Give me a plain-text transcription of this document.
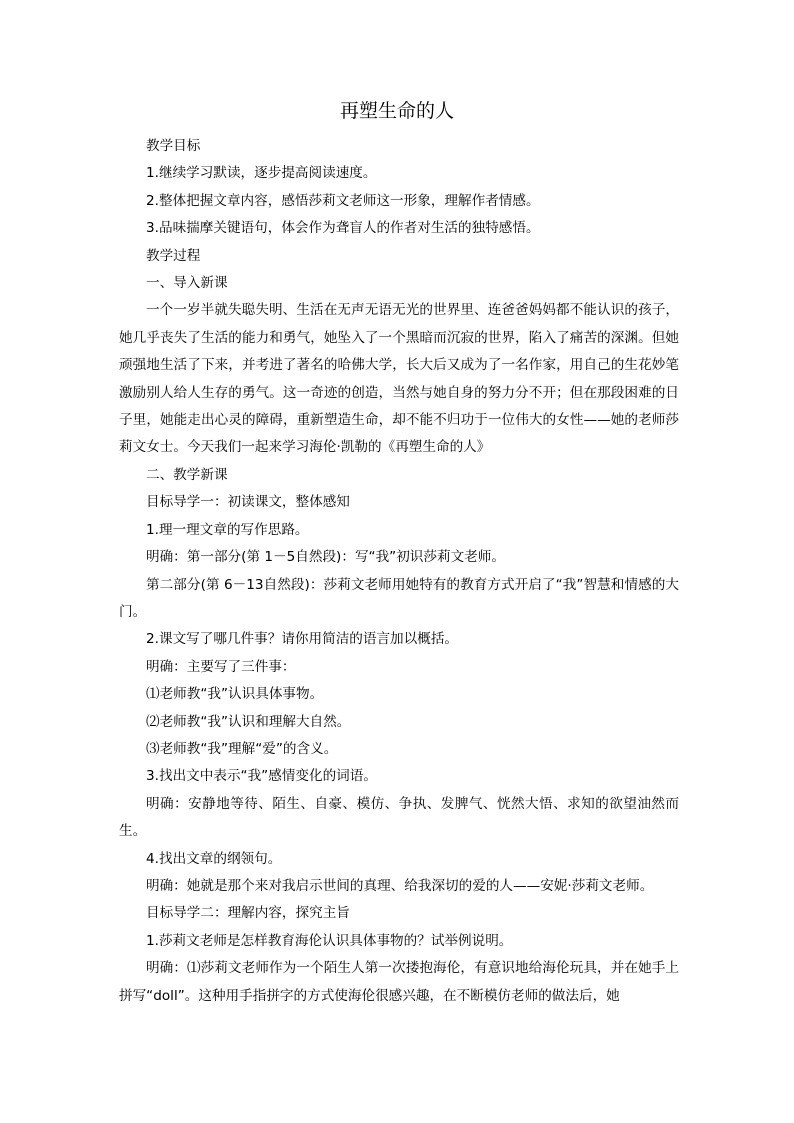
再塑生命的人

教学目标

1.继续学习默读，逐步提高阅读速度。

2.整体把握文章内容，感悟莎莉文老师这一形象，理解作者情感。

3.品味揣摩关键语句，体会作为聋盲人的作者对生活的独特感悟。

教学过程

一、导入新课

一个一岁半就失聪失明、生活在无声无语无光的世界里、连爸爸妈妈都不能认识的孩子，她几乎丧失了生活的能力和勇气，她坠入了一个黑暗而沉寂的世界，陷入了痛苦的深渊。但她顽强地生活了下来，并考进了著名的哈佛大学，长大后又成为了一名作家，用自己的生花妙笔激励别人给人生存的勇气。这一奇迹的创造，当然与她自身的努力分不开；但在那段困难的日子里，她能走出心灵的障碍，重新塑造生命，却不能不归功于一位伟大的女性——她的老师莎莉文女士。今天我们一起来学习海伦·凯勒的《再塑生命的人》

二、教学新课

目标导学一：初读课文，整体感知

1.理一理文章的写作思路。

明确：第一部分(第 1－5自然段)：写“我”初识莎莉文老师。

第二部分(第 6－13自然段)：莎莉文老师用她特有的教育方式开启了“我”智慧和情感的大门。

2.课文写了哪几件事？请你用简洁的语言加以概括。

明确：主要写了三件事：

⑴老师教“我”认识具体事物。

⑵老师教“我”认识和理解大自然。

⑶老师教“我”理解“爱”的含义。

3.找出文中表示“我”感情变化的词语。

明确：安静地等待、陌生、自豪、模仿、争执、发脾气、恍然大悟、求知的欲望油然而生。

4.找出文章的纲领句。

明确：她就是那个来对我启示世间的真理、给我深切的爱的人——安妮·莎莉文老师。

目标导学二：理解内容，探究主旨

1.莎莉文老师是怎样教育海伦认识具体事物的？试举例说明。

明确：⑴莎莉文老师作为一个陌生人第一次搂抱海伦，有意识地给海伦玩具，并在她手上拼写“doll”。这种用手指拼字的方式使海伦很感兴趣，在不断模仿老师的做法后，她
